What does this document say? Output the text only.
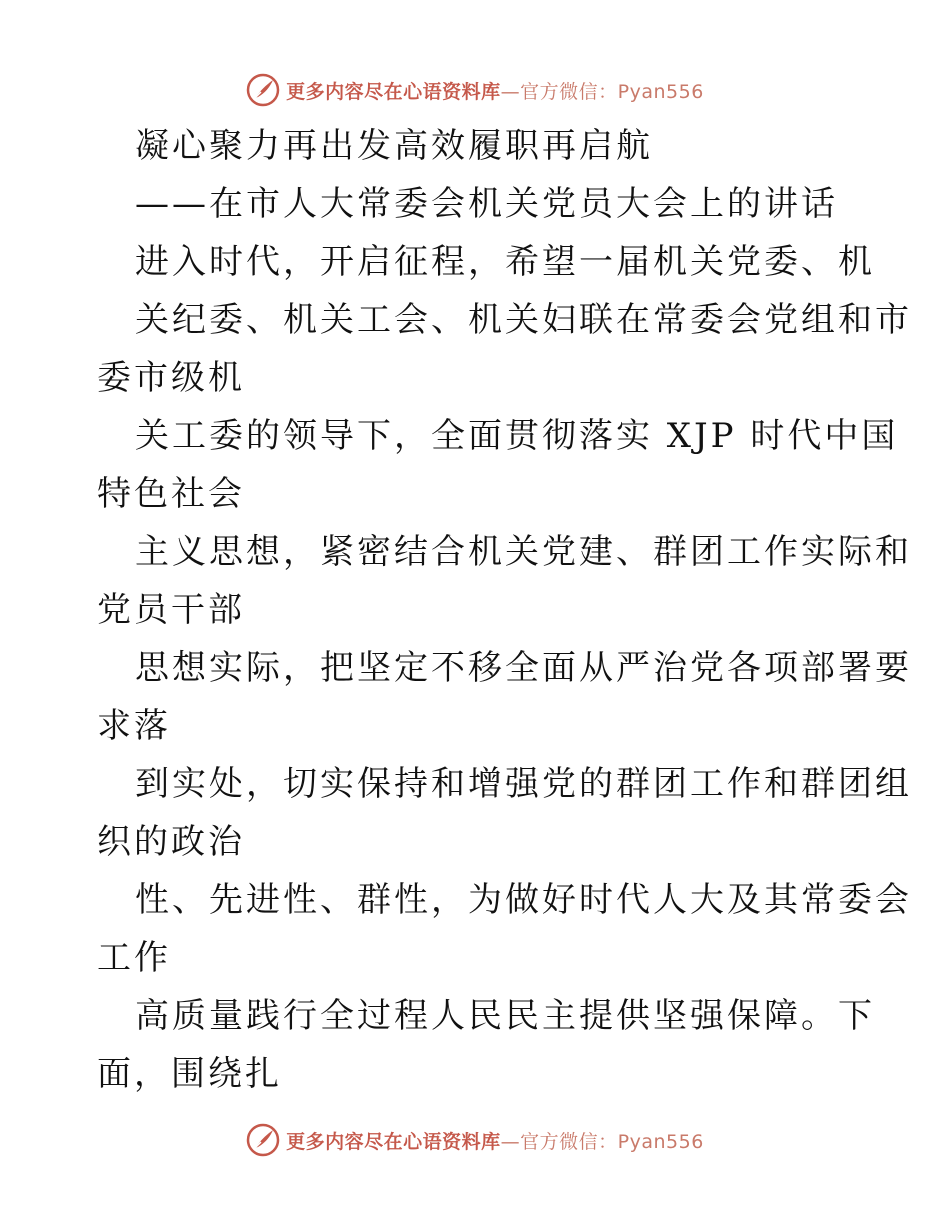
更多内容尽在心语资料库—官方微信：Pyan556
凝心聚力再出发高效履职再启航
——在市人大常委会机关党员大会上的讲话
进入时代，开启征程，希望一届机关党委、机
关纪委、机关工会、机关妇联在常委会党组和市
委市级机
关工委的领导下，全面贯彻落实 XJP 时代中国
特色社会
主义思想，紧密结合机关党建、群团工作实际和
党员干部
思想实际，把坚定不移全面从严治党各项部署要
求落
到实处，切实保持和增强党的群团工作和群团组
织的政治
性、先进性、群性，为做好时代人大及其常委会
工作
高质量践行全过程人民民主提供坚强保障。下
面，围绕扎
更多内容尽在心语资料库—官方微信：Pyan556
